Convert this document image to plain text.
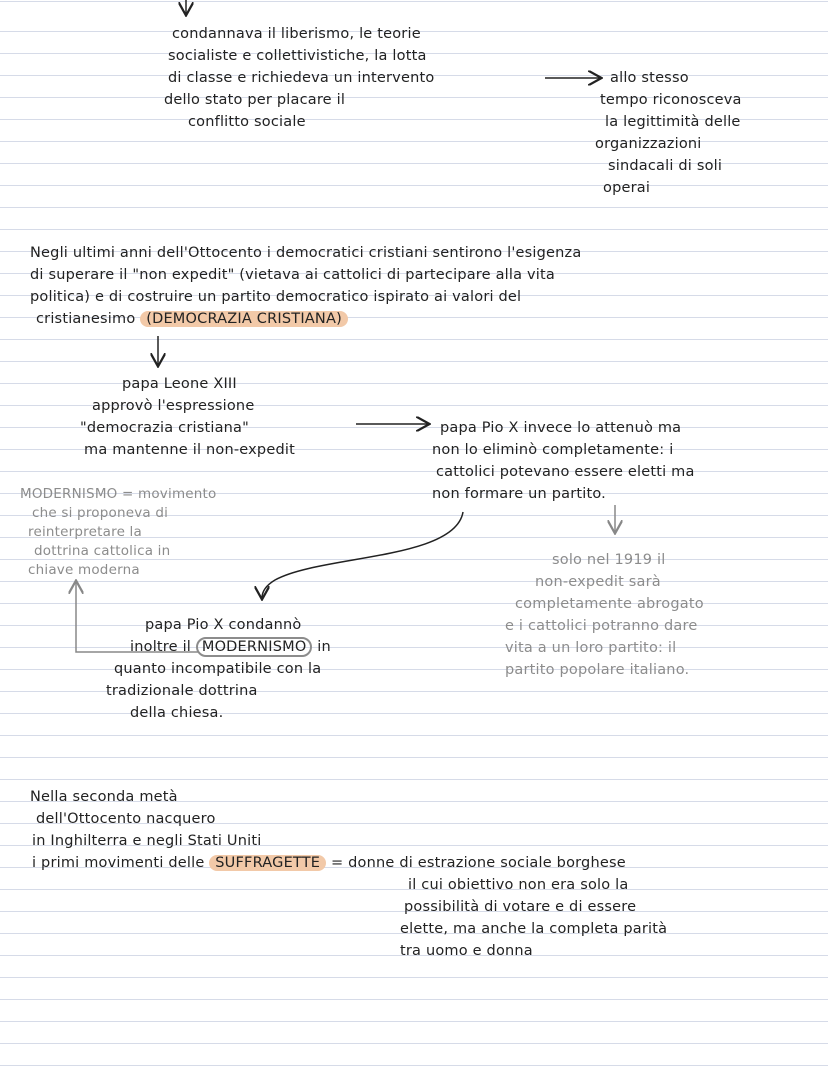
condannava il liberismo, le teorie

socialiste e collettivistiche, la lotta

di classe e richiedeva un intervento

dello stato per placare il

conflitto sociale

allo stesso

tempo riconosceva

la legittimità delle

organizzazioni

sindacali di soli

operai

Negli ultimi anni dell'Ottocento i democratici cristiani sentirono l'esigenza

di superare il "non expedit" (vietava ai cattolici di partecipare alla vita

politica) e di costruire un partito democratico ispirato ai valori del

cristianesimo (DEMOCRAZIA CRISTIANA)

papa Leone XIII

approvò l'espressione

"democrazia cristiana"

ma mantenne il non-expedit

papa Pio X invece lo attenuò ma

non lo eliminò completamente: i

cattolici potevano essere eletti ma

non formare un partito.

MODERNISMO = movimento

che si proponeva di

reinterpretare la

dottrina cattolica in

chiave moderna

solo nel 1919 il

non-expedit sarà

completamente abrogato

e i cattolici potranno dare

vita a un loro partito: il

partito popolare italiano.

papa Pio X condannò

inoltre il MODERNISMO in

quanto incompatibile con la

tradizionale dottrina

della chiesa.

Nella seconda metà

dell'Ottocento nacquero

in Inghilterra e negli Stati Uniti

i primi movimenti delle SUFFRAGETTE = donne di estrazione sociale borghese

il cui obiettivo non era solo la

possibilità di votare e di essere

elette, ma anche la completa parità

tra uomo e donna
